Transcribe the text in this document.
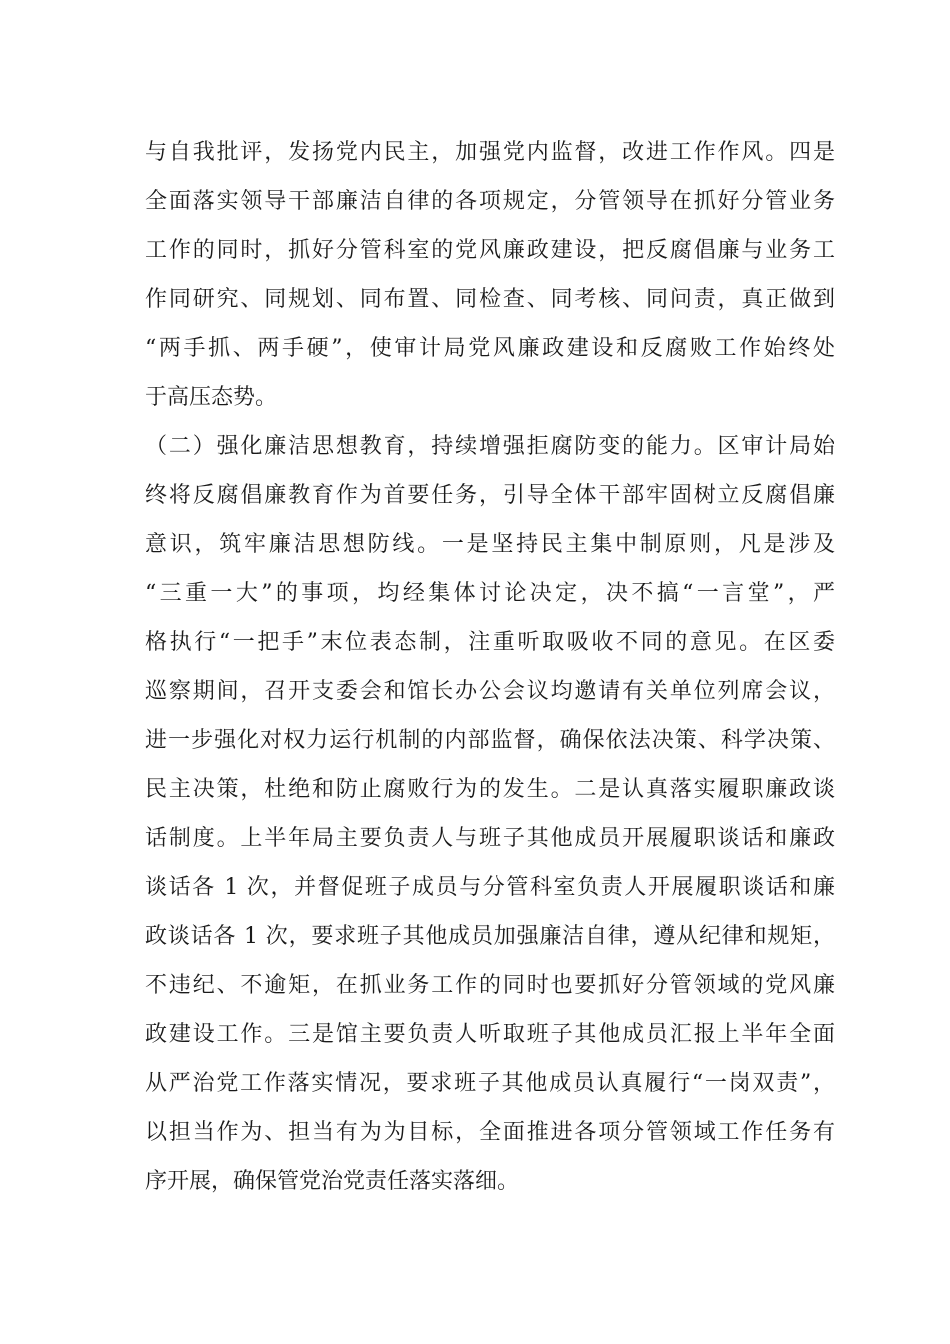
与自我批评，发扬党内民主，加强党内监督，改进工作作风。四是
全面落实领导干部廉洁自律的各项规定，分管领导在抓好分管业务
工作的同时，抓好分管科室的党风廉政建设，把反腐倡廉与业务工
作同研究、同规划、同布置、同检查、同考核、同问责，真正做到
“两手抓、两手硬”，使审计局党风廉政建设和反腐败工作始终处
于高压态势。
（二）强化廉洁思想教育，持续增强拒腐防变的能力。区审计局始
终将反腐倡廉教育作为首要任务，引导全体干部牢固树立反腐倡廉
意识，筑牢廉洁思想防线。一是坚持民主集中制原则，凡是涉及
“三重一大”的事项，均经集体讨论决定，决不搞“一言堂”，严
格执行“一把手”末位表态制，注重听取吸收不同的意见。在区委
巡察期间，召开支委会和馆长办公会议均邀请有关单位列席会议，
进一步强化对权力运行机制的内部监督，确保依法决策、科学决策、
民主决策，杜绝和防止腐败行为的发生。二是认真落实履职廉政谈
话制度。上半年局主要负责人与班子其他成员开展履职谈话和廉政
谈话各 1 次，并督促班子成员与分管科室负责人开展履职谈话和廉
政谈话各 1 次，要求班子其他成员加强廉洁自律，遵从纪律和规矩，
不违纪、不逾矩，在抓业务工作的同时也要抓好分管领域的党风廉
政建设工作。三是馆主要负责人听取班子其他成员汇报上半年全面
从严治党工作落实情况，要求班子其他成员认真履行“一岗双责”，
以担当作为、担当有为为目标，全面推进各项分管领域工作任务有
序开展，确保管党治党责任落实落细。
